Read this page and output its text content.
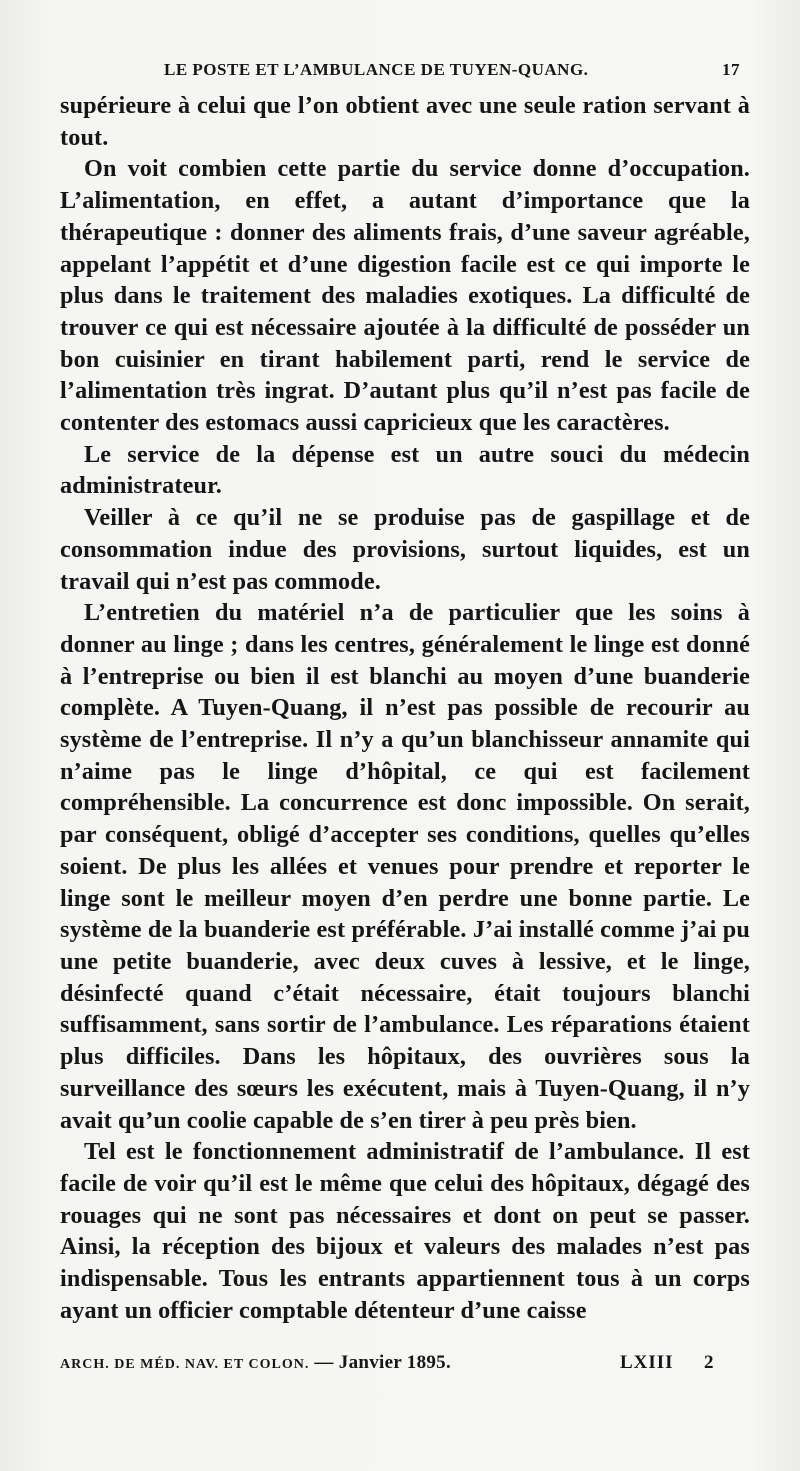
LE POSTE ET L’AMBULANCE DE TUYEN-QUANG.	17

supérieure à celui que l’on obtient avec une seule ration servant à tout.

On voit combien cette partie du service donne d’occupation. L’alimentation, en effet, a autant d’importance que la thérapeutique : donner des aliments frais, d’une saveur agréable, appelant l’appétit et d’une digestion facile est ce qui importe le plus dans le traitement des maladies exotiques. La difficulté de trouver ce qui est nécessaire ajoutée à la difficulté de posséder un bon cuisinier en tirant habilement parti, rend le service de l’alimentation très ingrat. D’autant plus qu’il n’est pas facile de contenter des estomacs aussi capricieux que les caractères.

Le service de la dépense est un autre souci du médecin administrateur.

Veiller à ce qu’il ne se produise pas de gaspillage et de consommation indue des provisions, surtout liquides, est un travail qui n’est pas commode.

L’entretien du matériel n’a de particulier que les soins à donner au linge ; dans les centres, généralement le linge est donné à l’entreprise ou bien il est blanchi au moyen d’une buanderie complète. A Tuyen-Quang, il n’est pas possible de recourir au système de l’entreprise. Il n’y a qu’un blanchisseur annamite qui n’aime pas le linge d’hôpital, ce qui est facilement compréhensible. La concurrence est donc impossible. On serait, par conséquent, obligé d’accepter ses conditions, quelles qu’elles soient. De plus les allées et venues pour prendre et reporter le linge sont le meilleur moyen d’en perdre une bonne partie. Le système de la buanderie est préférable. J’ai installé comme j’ai pu une petite buanderie, avec deux cuves à lessive, et le linge, désinfecté quand c’était nécessaire, était toujours blanchi suffisamment, sans sortir de l’ambulance. Les réparations étaient plus difficiles. Dans les hôpitaux, des ouvrières sous la surveillance des sœurs les exécutent, mais à Tuyen-Quang, il n’y avait qu’un coolie capable de s’en tirer à peu près bien.

Tel est le fonctionnement administratif de l’ambulance. Il est facile de voir qu’il est le même que celui des hôpitaux, dégagé des rouages qui ne sont pas nécessaires et dont on peut se passer. Ainsi, la réception des bijoux et valeurs des malades n’est pas indispensable. Tous les entrants appartiennent tous à un corps ayant un officier comptable détenteur d’une caisse

ARCH. DE MÉD. NAV. ET COLON. — Janvier 1895.	LXIII 2
